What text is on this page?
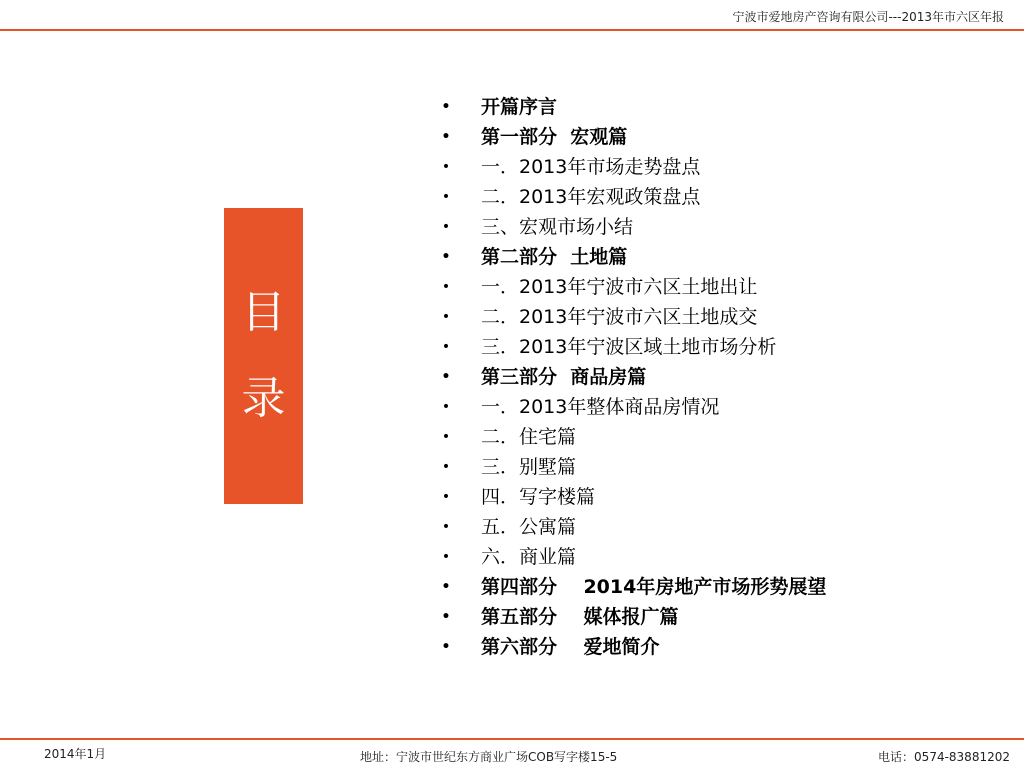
宁波市爱地房产咨询有限公司---2013年市六区年报
目
录
• 开篇序言
• 第一部分  宏观篇
• 一．2013年市场走势盘点
• 二．2013年宏观政策盘点
• 三、宏观市场小结
• 第二部分  土地篇
• 一．2013年宁波市六区土地出让
• 二．2013年宁波市六区土地成交
• 三．2013年宁波区域土地市场分析
• 第三部分  商品房篇
• 一．2013年整体商品房情况
• 二．住宅篇
• 三．别墅篇
• 四．写字楼篇
• 五．公寓篇
• 六．商业篇
• 第四部分    2014年房地产市场形势展望
• 第五部分    媒体报广篇
• 第六部分    爱地简介
2014年1月	地址：宁波市世纪东方商业广场COB写字楼15-5	电话：0574-83881202
